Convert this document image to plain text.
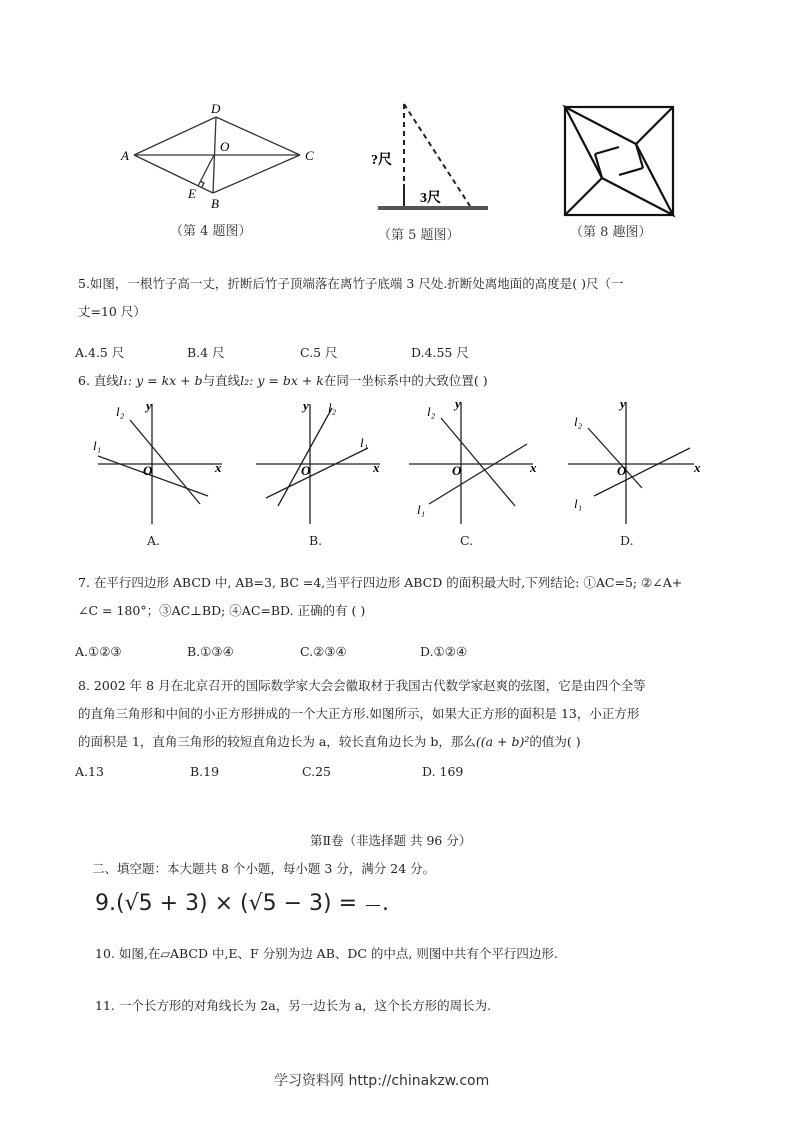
A
D
C
B
E
O
（第 4 题图）
?尺
3尺
（第 5 题图）	（第 8 趣图）
5.如图，一根竹子高一丈，折断后竹子顶端落在离竹子底端 3 尺处.折断处离地面的高度是( )尺（一
丈=10 尺）
A.4.5 尺	B.4 尺	C.5 尺	D.4.55 尺
6. 直线l₁: y = kx + b与直线l₂: y = bx + k在同一坐标系中的大致位置( )
x
y
O
l₂
l₁
x
y
O
l₂
l₁
x
y
O
l₂
l₁
x
y
O
l₂
l₁
A.	B.	C.	D.
7. 在平行四边形 ABCD 中, AB=3, BC =4,当平行四边形 ABCD 的面积最大时,下列结论: ①AC=5; ②∠A+
∠C = 180°；③AC⊥BD; ④AC=BD. 正确的有 ( )
A.①②③	B.①③④	C.②③④	D.①②④
8. 2002 年 8 月在北京召开的国际数学家大会会徽取材于我国古代数学家赵爽的弦图，它是由四个全等
的直角三角形和中间的小正方形拼成的一个大正方形.如图所示，如果大正方形的面积是 13，小正方形
的面积是 1，直角三角形的较短直角边长为 a，较长直角边长为 b，那么((a + b)²的值为( )
A.13	B.19	C.25	D. 169
第Ⅱ卷（非选择题 共 96 分）
二、填空题：本大题共 8 个小题，每小题 3 分，满分 24 分。
9.(√5 + 3) × (√5 − 3) = .
10. 如图,在▱ABCD 中,E、F 分别为边 AB、DC 的中点, 则图中共有个平行四边形.
11. 一个长方形的对角线长为 2a，另一边长为 a，这个长方形的周长为.
学习资料网 http://chinakzw.com
